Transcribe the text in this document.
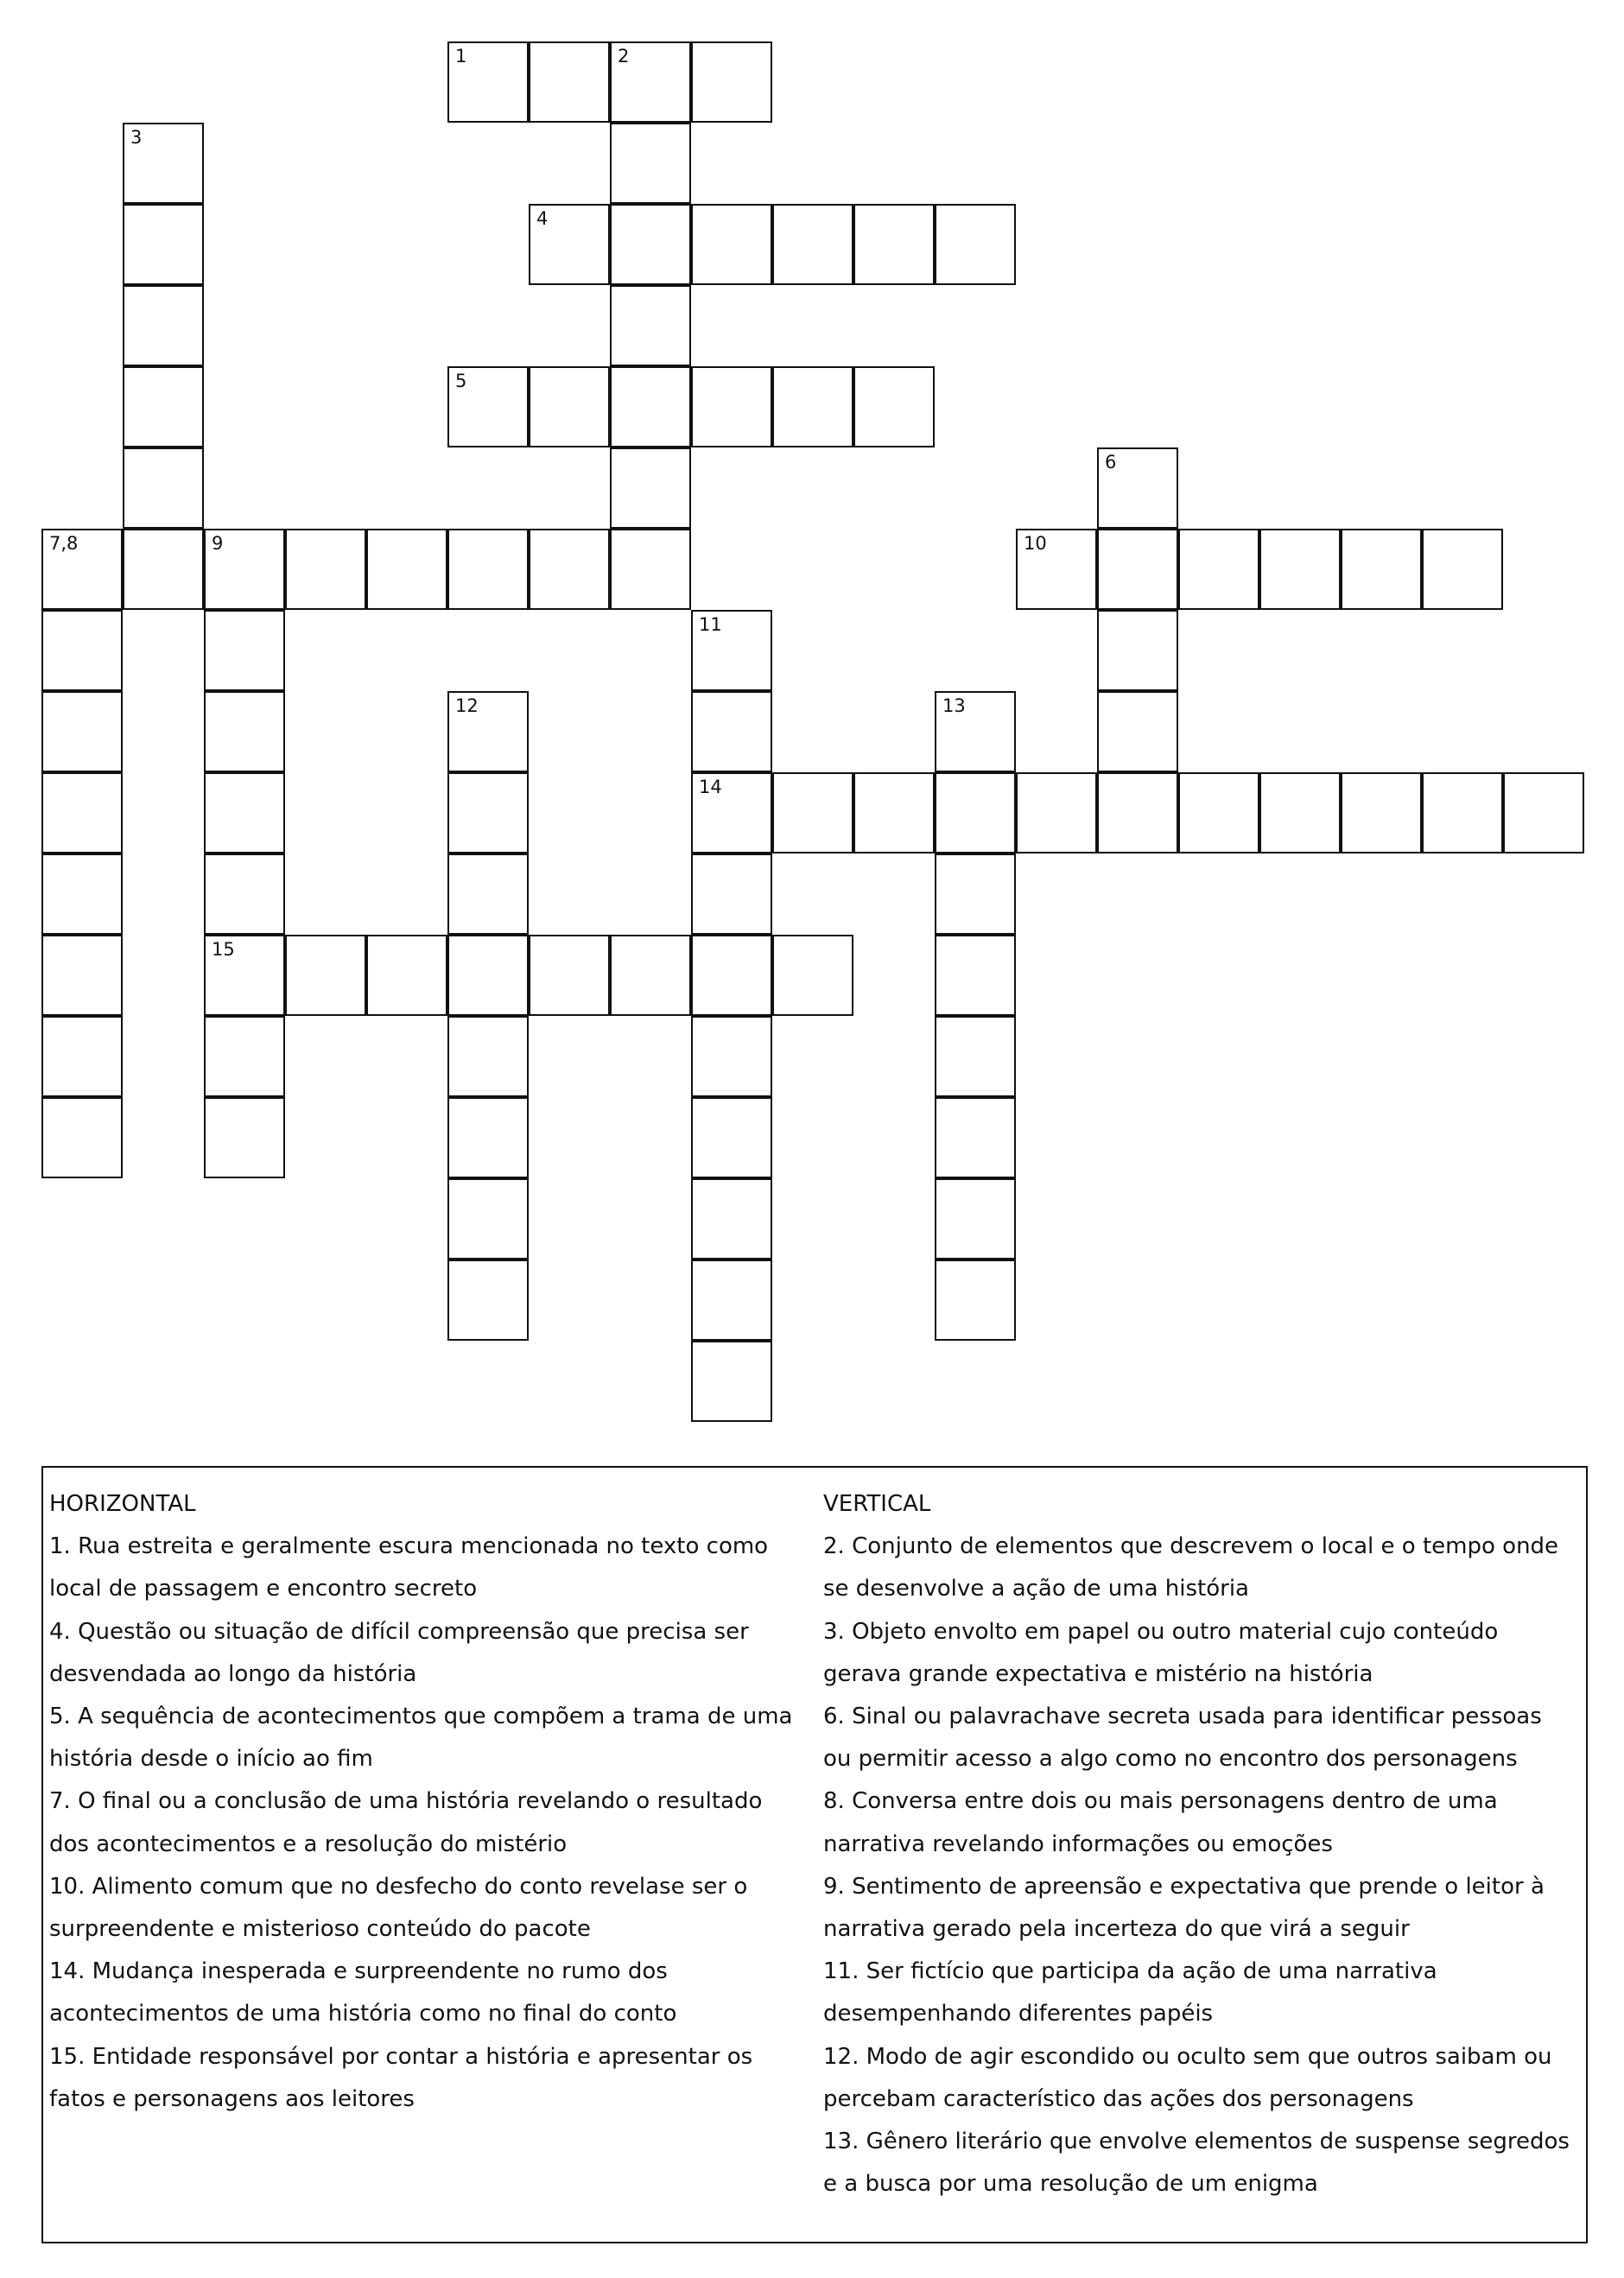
1	2
3
4
5
6
7,8	9
15
10
11
14
12	13
HORIZONTAL
1. Rua estreita e geralmente escura mencionada no texto como
local de passagem e encontro secreto
4. Questão ou situação de difícil compreensão que precisa ser
desvendada ao longo da história
5. A sequência de acontecimentos que compõem a trama de uma
história desde o início ao fim
7. O final ou a conclusão de uma história revelando o resultado
dos acontecimentos e a resolução do mistério
10. Alimento comum que no desfecho do conto revelase ser o
surpreendente e misterioso conteúdo do pacote
14. Mudança inesperada e surpreendente no rumo dos
acontecimentos de uma história como no final do conto
15. Entidade responsável por contar a história e apresentar os
fatos e personagens aos leitores
VERTICAL
2. Conjunto de elementos que descrevem o local e o tempo onde
se desenvolve a ação de uma história
3. Objeto envolto em papel ou outro material cujo conteúdo
gerava grande expectativa e mistério na história
6. Sinal ou palavrachave secreta usada para identificar pessoas
ou permitir acesso a algo como no encontro dos personagens
8. Conversa entre dois ou mais personagens dentro de uma
narrativa revelando informações ou emoções
9. Sentimento de apreensão e expectativa que prende o leitor à
narrativa gerado pela incerteza do que virá a seguir
11. Ser fictício que participa da ação de uma narrativa
desempenhando diferentes papéis
12. Modo de agir escondido ou oculto sem que outros saibam ou
percebam característico das ações dos personagens
13. Gênero literário que envolve elementos de suspense segredos
e a busca por uma resolução de um enigma
